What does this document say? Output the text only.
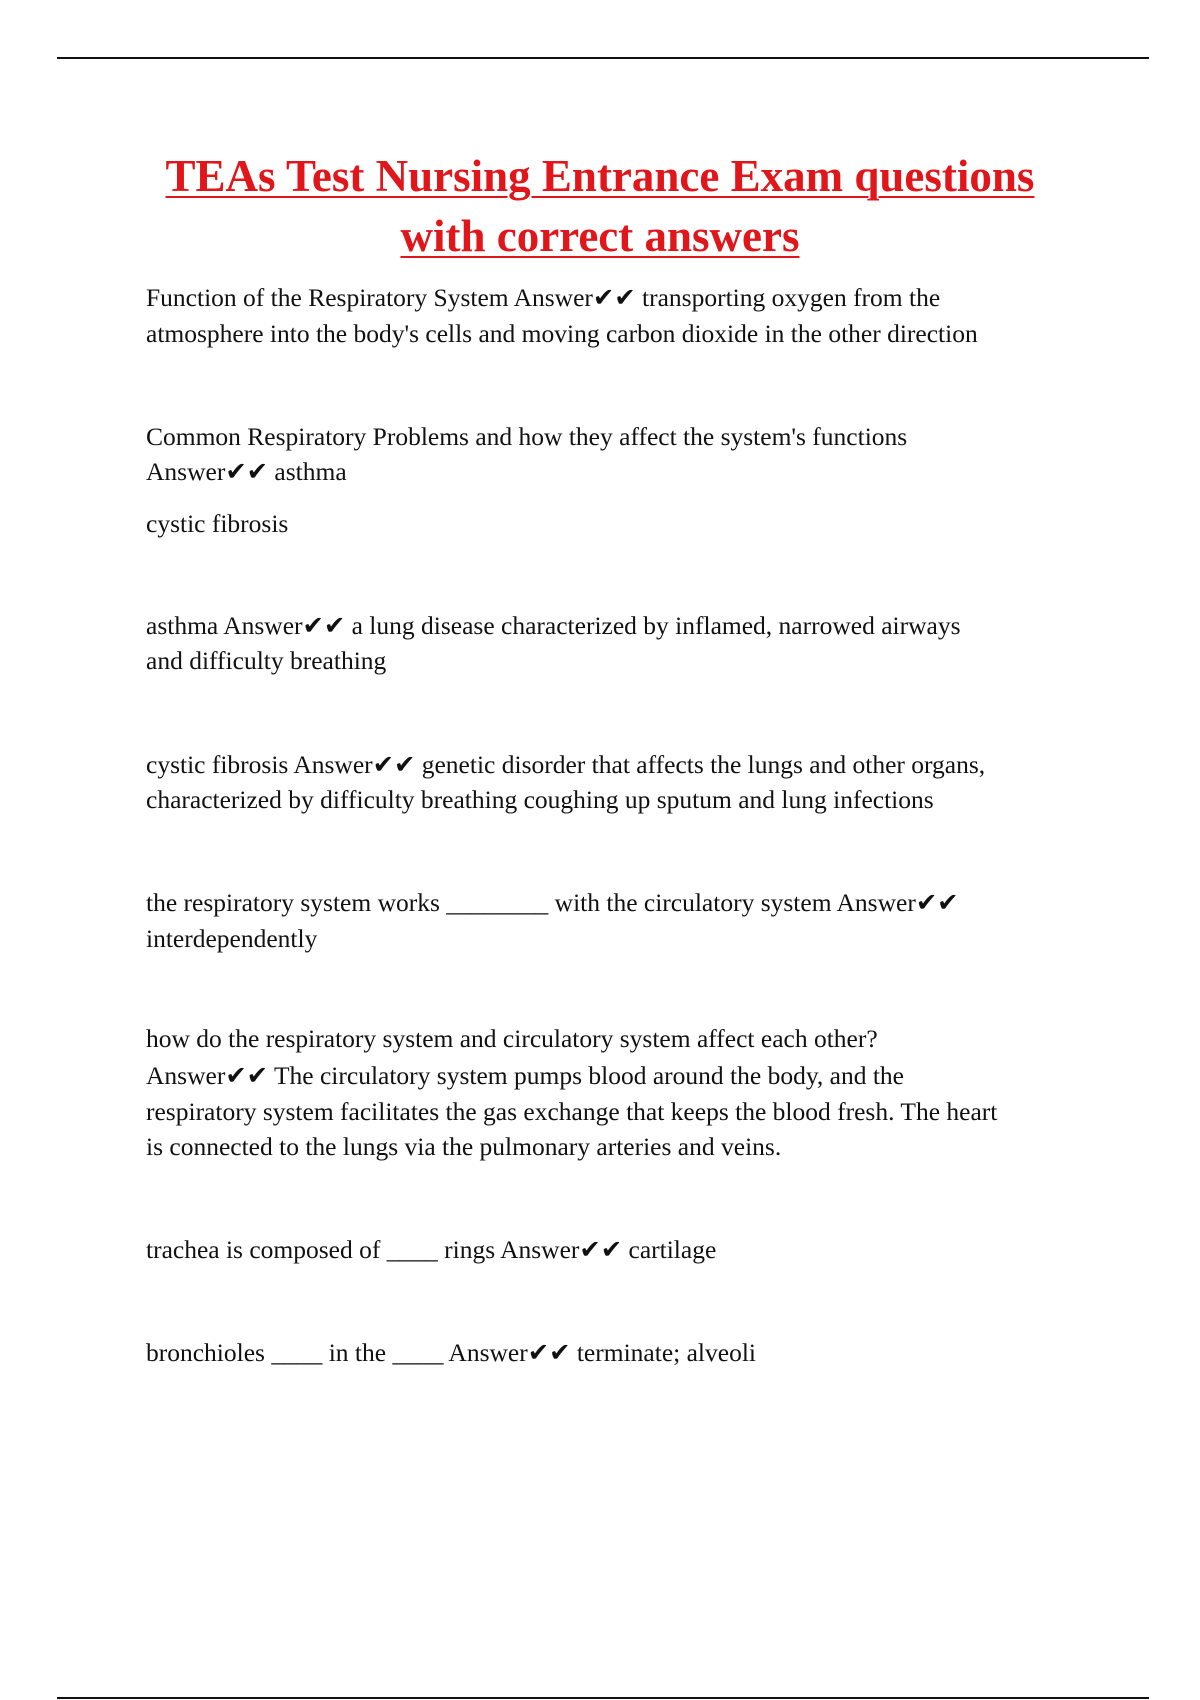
TEAs Test Nursing Entrance Exam questions
with correct answers
Function of the Respiratory System Answer✔✔ transporting oxygen from the
atmosphere into the body's cells and moving carbon dioxide in the other direction
Common Respiratory Problems and how they affect the system's functions
Answer✔✔ asthma
cystic fibrosis
asthma Answer✔✔ a lung disease characterized by inflamed, narrowed airways
and difficulty breathing
cystic fibrosis Answer✔✔ genetic disorder that affects the lungs and other organs,
characterized by difficulty breathing coughing up sputum and lung infections
the respiratory system works ________ with the circulatory system Answer✔✔
interdependently
how do the respiratory system and circulatory system affect each other?
Answer✔✔ The circulatory system pumps blood around the body, and the
respiratory system facilitates the gas exchange that keeps the blood fresh. The heart
is connected to the lungs via the pulmonary arteries and veins.
trachea is composed of ____ rings Answer✔✔ cartilage
bronchioles ____ in the ____ Answer✔✔ terminate; alveoli
